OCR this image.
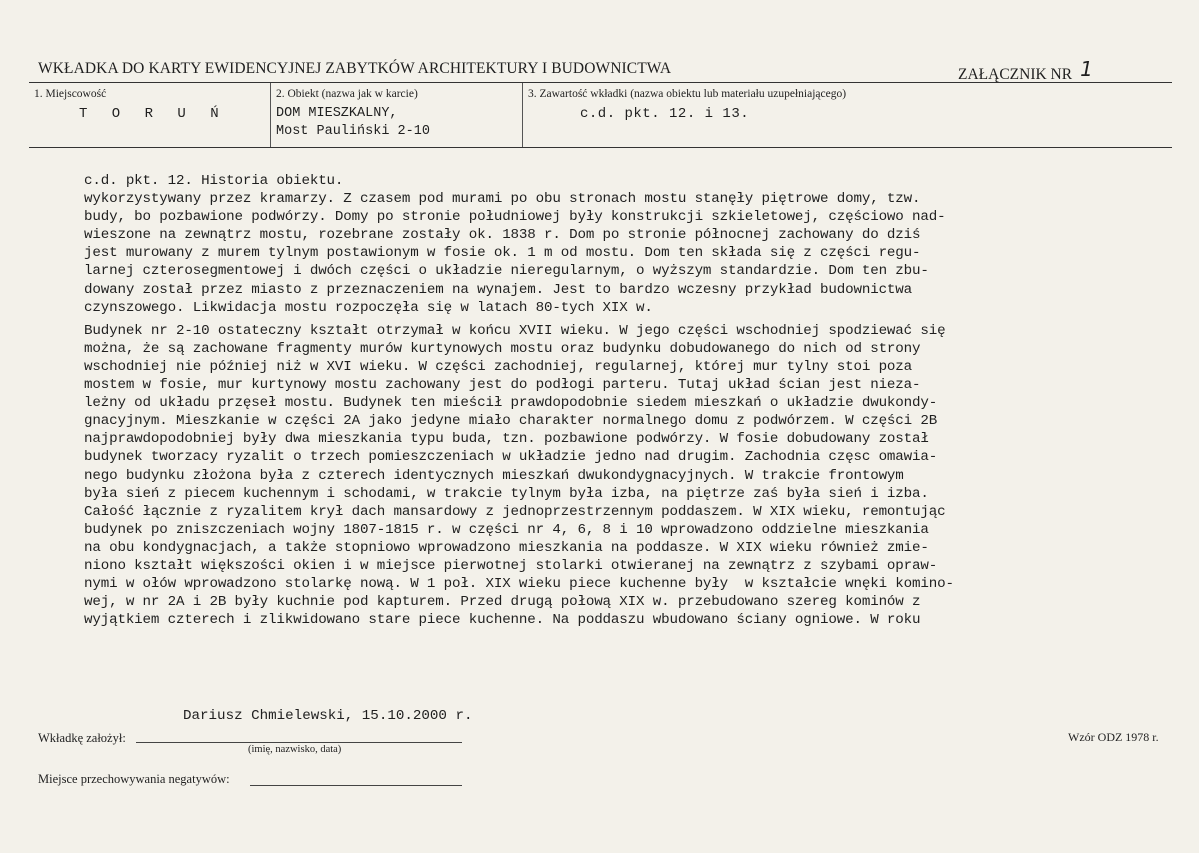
WKŁADKA DO KARTY EWIDENCYJNEJ ZABYTKÓW ARCHITEKTURY I BUDOWNICTWA	ZAŁĄCZNIK NR 1
1. Miejscowość
T O R U Ń
2. Obiekt (nazwa jak w karcie)
DOM MIESZKALNY,
Most Pauliński 2-10
3. Zawartość wkładki (nazwa obiektu lub materiału uzupełniającego)
c.d. pkt. 12. i 13.
c.d. pkt. 12. Historia obiektu.
wykorzystywany przez kramarzy. Z czasem pod murami po obu stronach mostu stanęły piętrowe domy, tzw.
budy, bo pozbawione podwórzy. Domy po stronie południowej były konstrukcji szkieletowej, częściowo nad-
wieszone na zewnątrz mostu, rozebrane zostały ok. 1838 r. Dom po stronie północnej zachowany do dziś
jest murowany z murem tylnym postawionym w fosie ok. 1 m od mostu. Dom ten składa się z części regu-
larnej czterosegmentowej i dwóch części o układzie nieregularnym, o wyższym standardzie. Dom ten zbu-
dowany został przez miasto z przeznaczeniem na wynajem. Jest to bardzo wczesny przykład budownictwa
czynszowego. Likwidacja mostu rozpoczęła się w latach 80-tych XIX w.
Budynek nr 2-10 ostateczny kształt otrzymał w końcu XVII wieku. W jego części wschodniej spodziewać się
można, że są zachowane fragmenty murów kurtynowych mostu oraz budynku dobudowanego do nich od strony
wschodniej nie później niż w XVI wieku. W części zachodniej, regularnej, której mur tylny stoi poza
mostem w fosie, mur kurtynowy mostu zachowany jest do podłogi parteru. Tutaj układ ścian jest nieza-
leżny od układu przęseł mostu. Budynek ten mieścił prawdopodobnie siedem mieszkań o układzie dwukondy-
gnacyjnym. Mieszkanie w części 2A jako jedyne miało charakter normalnego domu z podwórzem. W części 2B
najprawdopodobniej były dwa mieszkania typu buda, tzn. pozbawione podwórzy. W fosie dobudowany został
budynek tworzacy ryzalit o trzech pomieszczeniach w układzie jedno nad drugim. Zachodnia częsc omawia-
nego budynku złożona była z czterech identycznych mieszkań dwukondygnacyjnych. W trakcie frontowym
była sień z piecem kuchennym i schodami, w trakcie tylnym była izba, na piętrze zaś była sień i izba.
Całość łącznie z ryzalitem krył dach mansardowy z jednoprzestrzennym poddaszem. W XIX wieku, remontując
budynek po zniszczeniach wojny 1807-1815 r. w części nr 4, 6, 8 i 10 wprowadzono oddzielne mieszkania
na obu kondygnacjach, a także stopniowo wprowadzono mieszkania na poddasze. W XIX wieku również zmie-
niono kształt większości okien i w miejsce pierwotnej stolarki otwieranej na zewnątrz z szybami opraw-
nymi w ołów wprowadzono stolarkę nową. W 1 poł. XIX wieku piece kuchenne były  w kształcie wnęki komino-
wej, w nr 2A i 2B były kuchnie pod kapturem. Przed drugą połową XIX w. przebudowano szereg kominów z
wyjątkiem czterech i zlikwidowano stare piece kuchenne. Na poddaszu wbudowano ściany ogniowe. W roku
Dariusz Chmielewski, 15.10.2000 r.
Wkładkę założył:
(imię, nazwisko, data)
Miejsce przechowywania negatywów:
Wzór ODZ 1978 r.
